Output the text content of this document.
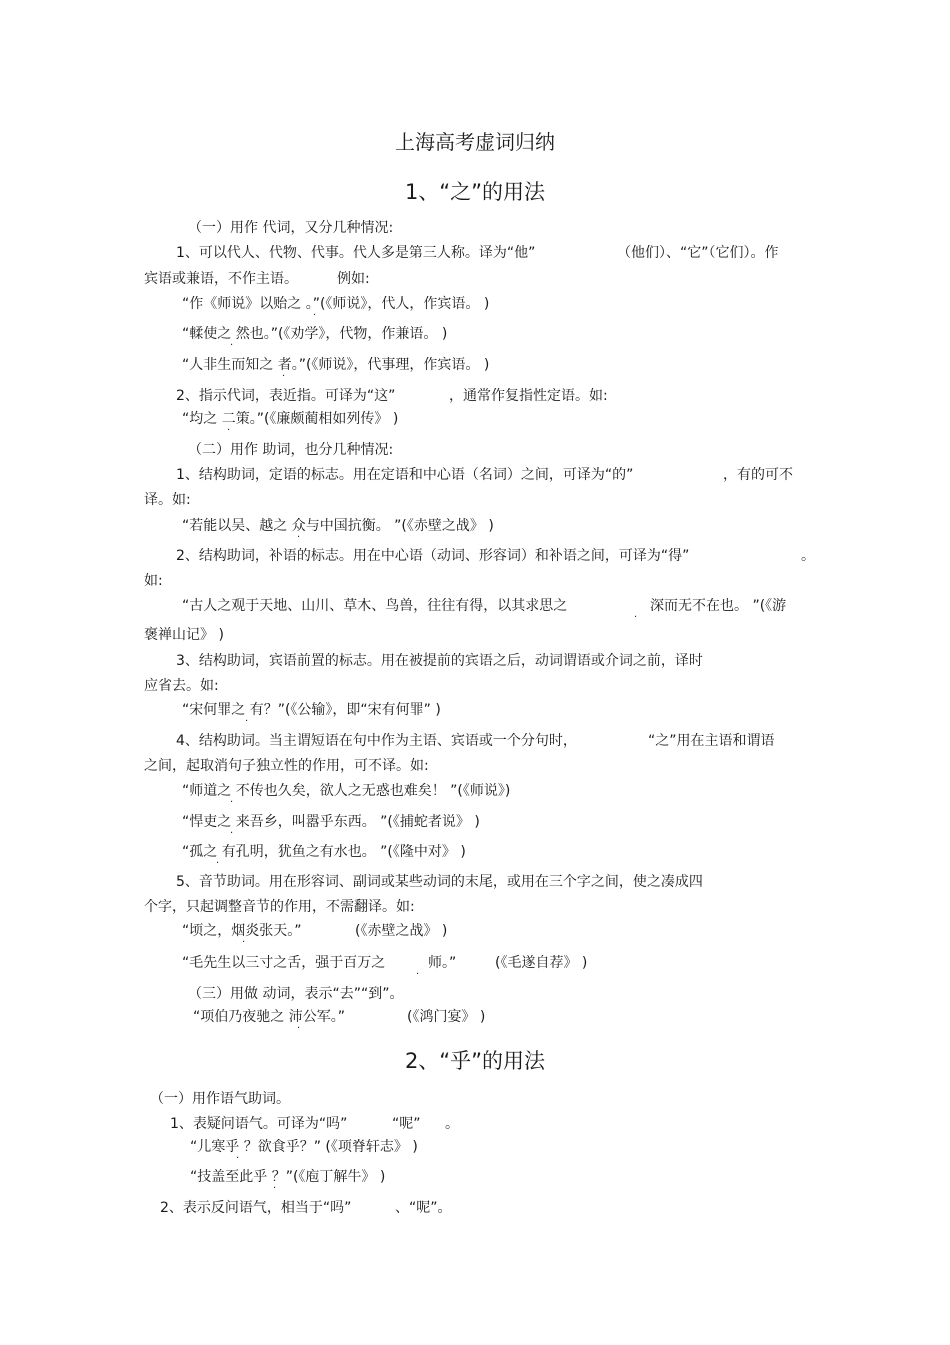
上海高考虚词归纳
1、“之”的用法
（一）用作 代词，又分几种情况:
1、可以代人、代物、代事。代人多是第三人称。译为“他”	（他们）、“它”（它们）。作
宾语或兼语，不作主语。	例如:
“作《师说》以贻之 。”(《师说》，代人，作宾语。 )
·
“輮使之 然也。”(《劝学》，代物，作兼语。 )
·
“人非生而知之 者。”(《师说》，代事理，作宾语。 )
·
2、指示代词，表近指。可译为“这”	，通常作复指性定语。如:
“均之 二策。”(《廉颇蔺相如列传》 )
·
（二）用作 助词，也分几种情况:
1、结构助词，定语的标志。用在定语和中心语（名词）之间，可译为“的”	，有的可不
译。如:
“若能以吴、越之 众与中国抗衡。 ”(《赤壁之战》 )
·
2、结构助词，补语的标志。用在中心语（动词、形容词）和补语之间，可译为“得”	。
如:
“古人之观于天地、山川、草木、鸟兽，往往有得，以其求思之
·
深而无不在也。 ”(《游
褒禅山记》 )
3、结构助词，宾语前置的标志。用在被提前的宾语之后，动词谓语或介词之前，译时
应省去。如:
“宋何罪之 有？”(《公输》，即“宋有何罪” )
·
4、结构助词。当主谓短语在句中作为主语、宾语或一个分句时，	“之”用在主语和谓语
之间，起取消句子独立性的作用，可不译。如:
“师道之 不传也久矣，欲人之无惑也难矣！ ”(《师说》)
·
“悍吏之 来吾乡，叫嚣乎东西。 ”(《捕蛇者说》 )
·
“孤之 有孔明，犹鱼之有水也。 ”(《隆中对》 )
·
5、音节助词。用在形容词、副词或某些动词的末尾，或用在三个字之间，使之凑成四
个字，只起调整音节的作用，不需翻译。如:
“顷之，烟炎张天。”
·
(《赤壁之战》 )
“毛先生以三寸之舌，强于百万之
·
师。”	(《毛遂自荐》 )
（三）用做 动词，表示“去”“到”。
“项伯乃夜驰之 沛公军。”
·
(《鸿门宴》 )
2、“乎”的用法
（一）用作语气助词。
1、表疑问语气。可译为“吗”	“呢” 。
“儿寒乎 ？欲食乎？” (《项脊轩志》 )
·
“技盖至此乎 ？”(《庖丁解牛》 )
·
2、表示反问语气，相当于“吗”	、“呢”。
